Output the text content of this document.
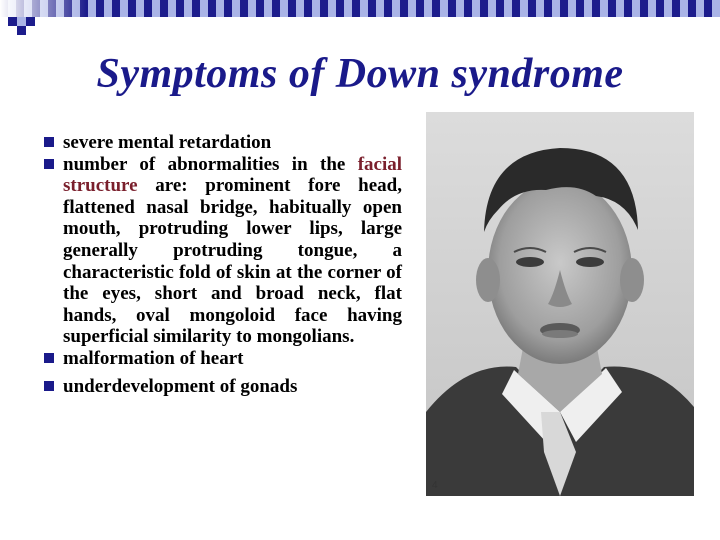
Symptoms of Down syndrome
severe mental retardation
number of abnormalities in the facial structure are: prominent fore head, flattened nasal bridge, habitually open mouth, protruding lower lips, large generally protruding tongue, a characteristic fold of skin at the corner of the eyes, short and broad neck, flat hands, oval mongoloid face having superficial similarity to mongolians.
malformation of heart
underdevelopment of gonads
4
